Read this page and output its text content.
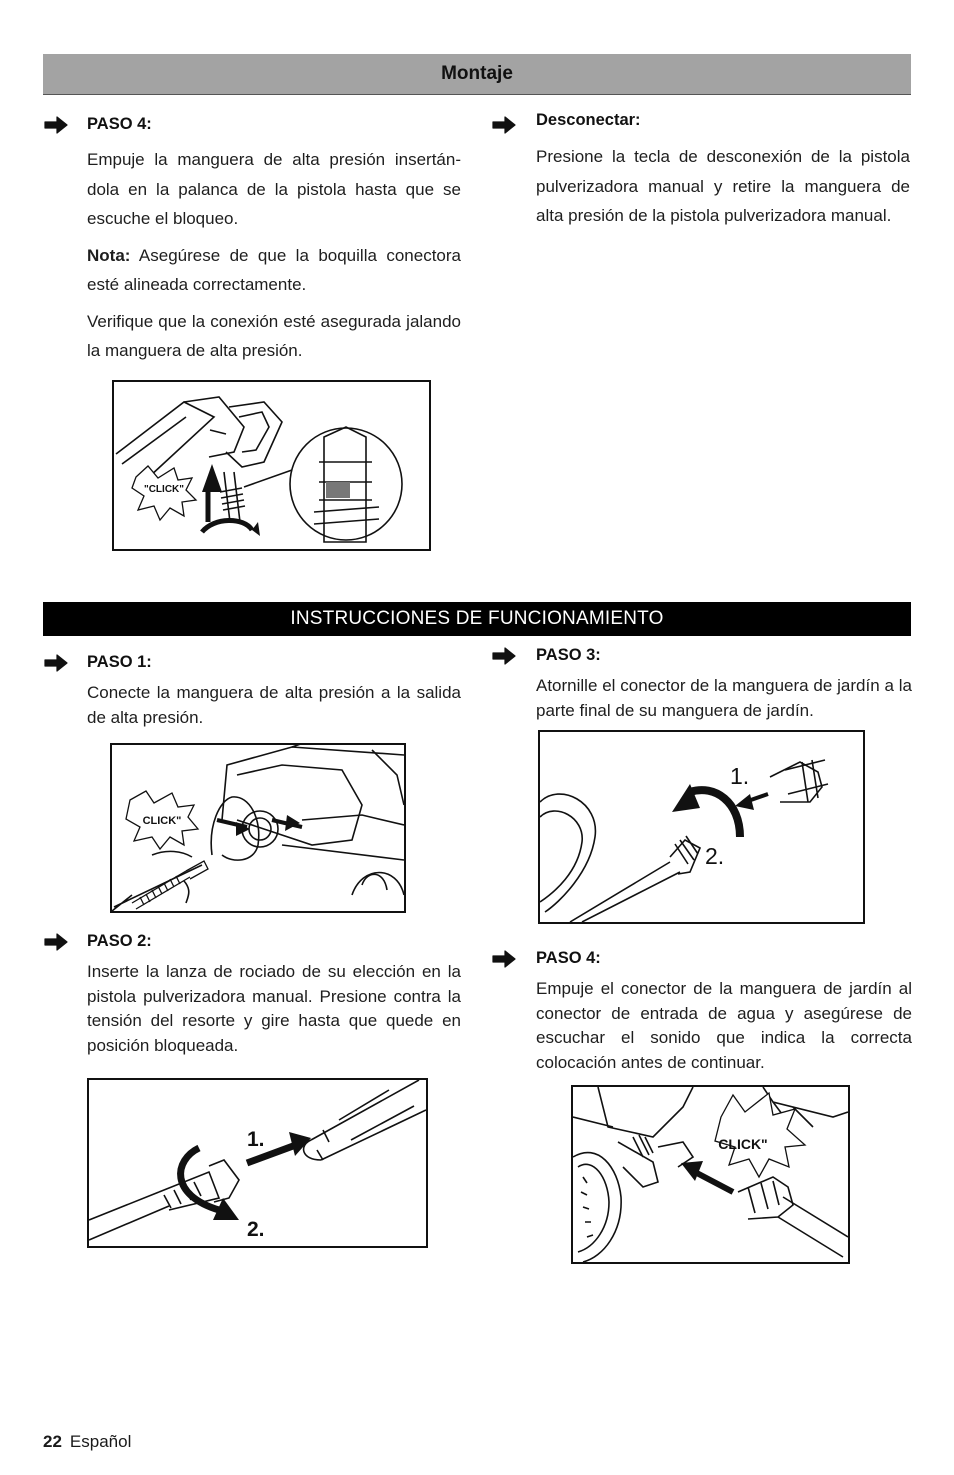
Montaje
PASO 4:

Empuje la manguera de alta presión insertán-dola en la palanca de la pistola hasta que se escuche el bloqueo.

Nota: Asegúrese de que la boquilla conectora esté alineada correctamente.

Verifique que la conexión esté asegurada jalando la manguera de alta presión.

"CLICK"
Desconectar:

Presione la tecla de desconexión de la pistola pulverizadora manual y retire la manguera de alta presión de la pistola pulverizadora manual.

INSTRUCCIONES DE FUNCIONAMIENTO
PASO 1:

Conecte la manguera de alta presión a la salida de alta presión.

CLICK"
PASO 2:

Inserte la lanza de rociado de su elección en la pistola pulverizadora manual. Presione contra la tensión del resorte y gire hasta que quede en posición bloqueada.

1.
2.
PASO 3:

Atornille el conector de la manguera de jardín a la parte final de su manguera de jardín.

1.
2.
PASO 4:

Empuje el conector de la manguera de jardín al conector de entrada de agua y asegúrese de escuchar el sonido que indica la correcta colocación antes de continuar.

CLICK"
22 Español
